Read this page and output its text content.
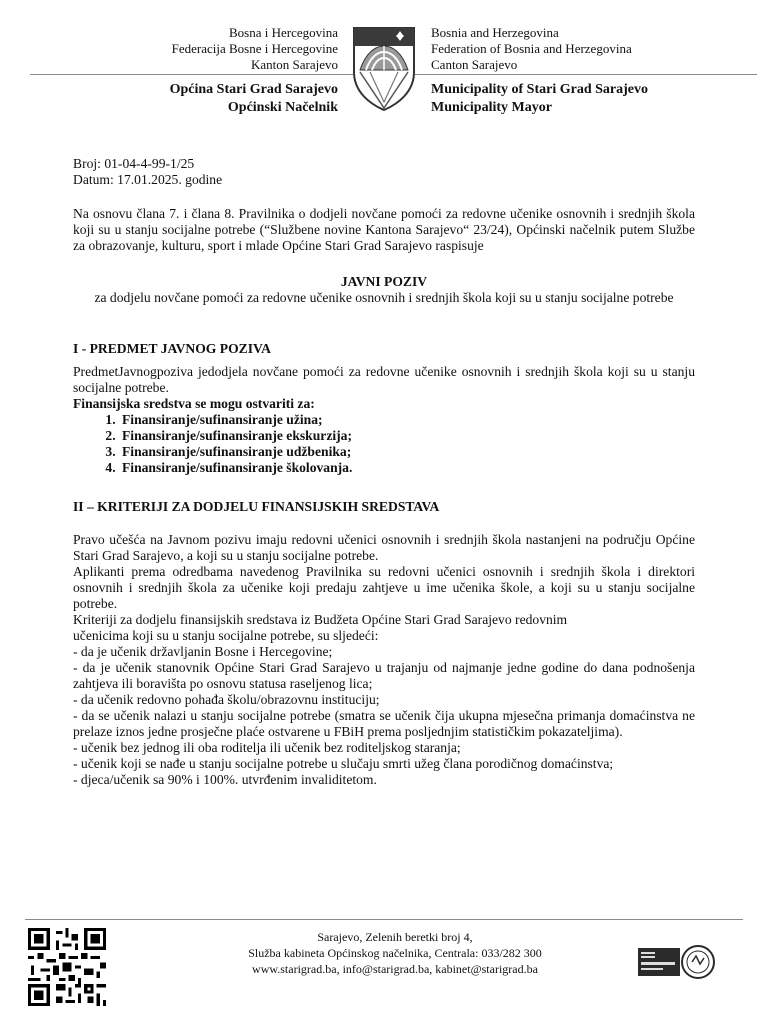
Bosna i Hercegovina
Federacija Bosne i Hercegovine
Kanton Sarajevo
Bosnia and Herzegovina
Federation of Bosnia and Herzegovina
Canton Sarajevo
Općina Stari Grad Sarajevo
Općinski Načelnik
Municipality of Stari Grad Sarajevo
Municipality Mayor

Broj: 01-04-4-99-1/25

Datum: 17.01.2025. godine

Na osnovu člana 7. i člana 8. Pravilnika o dodjeli novčane pomoći za redovne učenike osnovnih i srednjih škola koji su u stanju socijalne potrebe (“Službene novine Kantona Sarajevo“ 23/24), Općinski načelnik putem Službe za obrazovanje, kulturu, sport i mlade Općine Stari Grad Sarajevo raspisuje
JAVNI POZIV
za dodjelu novčane pomoći za redovne učenike osnovnih i srednjih škola koji su u stanju socijalne potrebe
I - PREDMET JAVNOG POZIVA

PredmetJavnogpoziva jedodjela novčane pomoći za redovne učenike osnovnih i srednjih škola koji su u stanju socijalne potrebe.

Finansijska sredstva se mogu ostvariti za:

1. Finansiranje/sufinansiranje užina;
2. Finansiranje/sufinansiranje ekskurzija;
3. Finansiranje/sufinansiranje udžbenika;
4. Finansiranje/sufinansiranje školovanja.
II – KRITERIJI ZA DODJELU FINANSIJSKIH SREDSTAVA

Pravo učešća na Javnom pozivu imaju redovni učenici osnovnih i srednjih škola nastanjeni na području Općine Stari Grad Sarajevo, a koji su u stanju socijalne potrebe.

Aplikanti prema odredbama navedenog Pravilnika su redovni učenici osnovnih i srednjih škola i direktori osnovnih i srednjih škola za učenike koji predaju zahtjeve u ime učenika škole, a koji su u stanju socijalne potrebe.

Kriteriji za dodjelu finansijskih sredstava iz Budžeta Općine Stari Grad Sarajevo redovnim

učenicima koji su u stanju socijalne potrebe, su sljedeći:

- da je učenik državljanin Bosne i Hercegovine;

- da je učenik stanovnik Općine Stari Grad Sarajevo u trajanju od najmanje jedne godine do dana podnošenja zahtjeva ili boravišta po osnovu statusa raseljenog lica;

- da učenik redovno pohađa školu/obrazovnu instituciju;

- da se učenik nalazi u stanju socijalne potrebe (smatra se učenik čija ukupna mjesečna primanja domaćinstva ne prelaze iznos jedne prosječne plaće ostvarene u FBiH prema posljednjim statističkim pokazateljima).

- učenik bez jednog ili oba roditelja ili učenik bez roditeljskog staranja;

- učenik koji se nađe u stanju socijalne potrebe u slučaju smrti užeg člana porodičnog domaćinstva;

- djeca/učenik sa 90% i 100%. utvrđenim invaliditetom.

Sarajevo, Zelenih beretki broj 4,
Služba kabineta Općinskog načelnika, Centrala: 033/282 300
www.starigrad.ba, info@starigrad.ba, kabinet@starigrad.ba
